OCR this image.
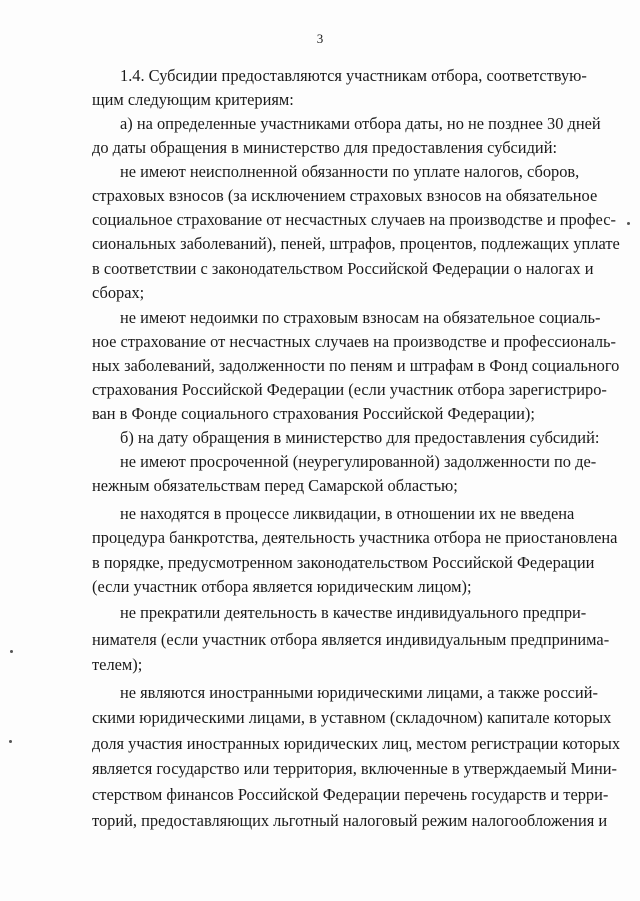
3
1.4. Субсидии предоставляются участникам отбора, соответствую-
щим следующим критериям:
а) на определенные участниками отбора даты, но не позднее 30 дней
до даты обращения в министерство для предоставления субсидий:
не имеют неисполненной обязанности по уплате налогов, сборов,
страховых взносов (за исключением страховых взносов на обязательное
социальное страхование от несчастных случаев на производстве и профес-
сиональных заболеваний), пеней, штрафов, процентов, подлежащих уплате
в соответствии с законодательством Российской Федерации о налогах и
сборах;
не имеют недоимки по страховым взносам на обязательное социаль-
ное страхование от несчастных случаев на производстве и профессиональ-
ных заболеваний, задолженности по пеням и штрафам в Фонд социального
страхования Российской Федерации (если участник отбора зарегистриро-
ван в Фонде социального страхования Российской Федерации);
б) на дату обращения в министерство для предоставления субсидий:
не имеют просроченной (неурегулированной) задолженности по де-
нежным обязательствам перед Самарской областью;
не находятся в процессе ликвидации, в отношении их не введена
процедура банкротства, деятельность участника отбора не приостановлена
в порядке, предусмотренном законодательством Российской Федерации
(если участник отбора является юридическим лицом);
не прекратили деятельность в качестве индивидуального предпри-
нимателя (если участник отбора является индивидуальным предпринима-
телем);
не являются иностранными юридическими лицами, а также россий-
скими юридическими лицами, в уставном (складочном) капитале которых
доля участия иностранных юридических лиц, местом регистрации которых
является государство или территория, включенные в утверждаемый Мини-
стерством финансов Российской Федерации перечень государств и терри-
торий, предоставляющих льготный налоговый режим налогообложения и
